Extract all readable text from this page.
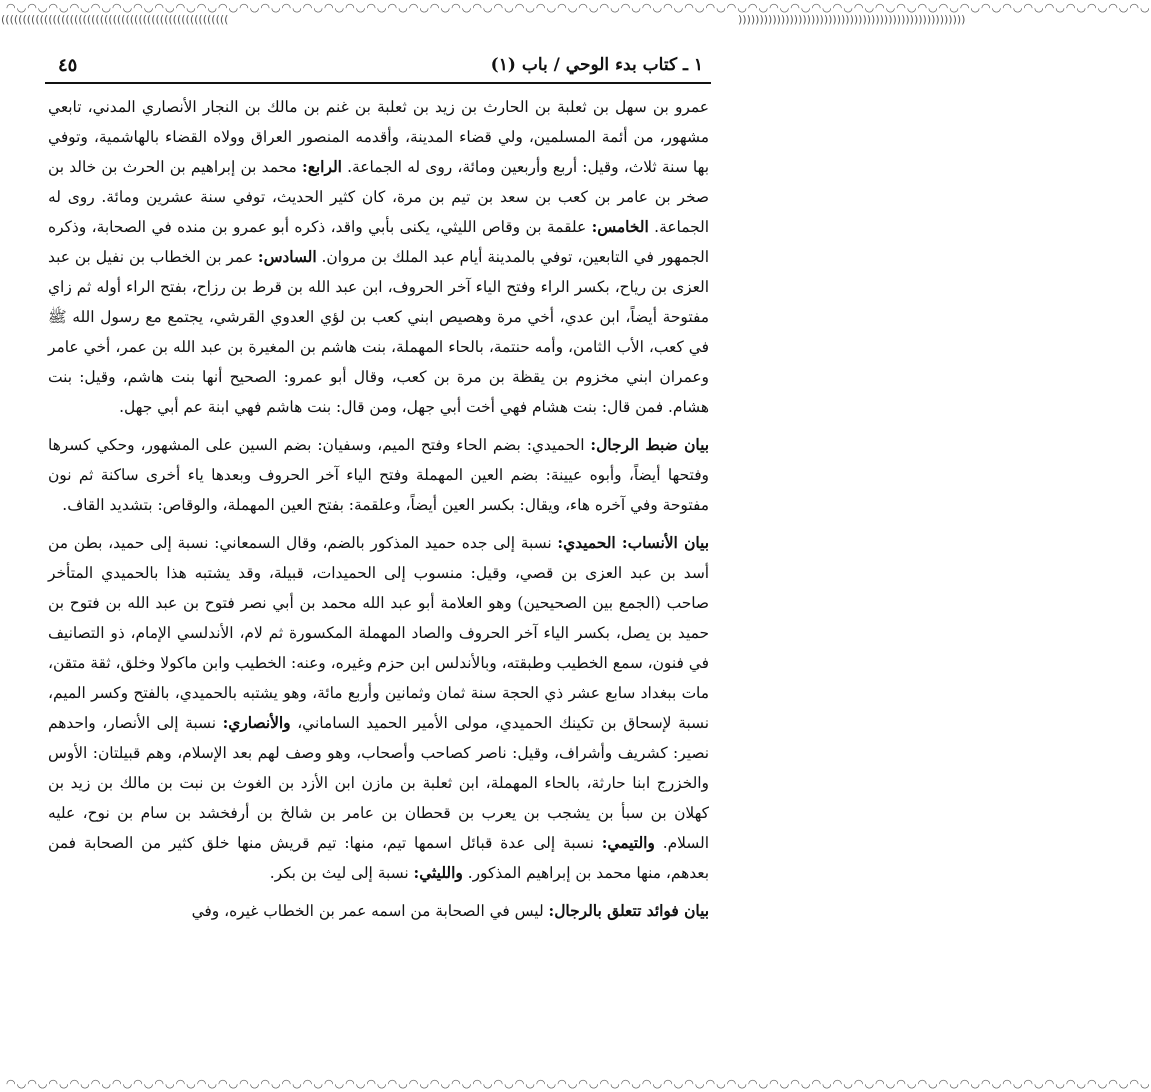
◠◡◠◡◠◡◠◡◠◡◠◡◠◡◠◡◠◡◠◡◠◡◠◡◠◡◠◡◠◡◠◡◠◡◠◡◠◡◠◡◠◡◠◡◠◡◠◡◠◡◠◡◠◡◠◡◠◡◠◡◠◡◠◡◠◡◠◡◠◡◠◡◠◡◠◡◠◡◠◡◠◡◠◡◠◡◠◡◠◡◠◡◠◡◠◡◠◡◠◡◠◡◠◡◠◡◠◡
◠◡◠◡◠◡◠◡◠◡◠◡◠◡◠◡◠◡◠◡◠◡◠◡◠◡◠◡◠◡◠◡◠◡◠◡◠◡◠◡◠◡◠◡◠◡◠◡◠◡◠◡◠◡◠◡◠◡◠◡◠◡◠◡◠◡◠◡◠◡◠◡◠◡◠◡◠◡◠◡◠◡◠◡◠◡◠◡◠◡◠◡◠◡◠◡◠◡◠◡◠◡◠◡◠◡◠◡
(((((((((((((((((((((((((((((((((((((((((((((((((((((	)))))))))))))))))))))))))))))))))))))))))))))))))))))
٤٥	١ ـ كتاب بدء الوحي / باب (١)

عمرو بن سهل بن ثعلبة بن الحارث بن زيد بن ثعلبة بن غنم بن مالك بن النجار الأنصاري المدني، تابعي مشهور، من أئمة المسلمين، ولي قضاء المدينة، وأقدمه المنصور العراق وولاه القضاء بالهاشمية، وتوفي بها سنة ثلاث، وقيل: أربع وأربعين ومائة، روى له الجماعة. الرابع: محمد بن إبراهيم بن الحرث بن خالد بن صخر بن عامر بن كعب بن سعد بن تيم بن مرة، كان كثير الحديث، توفي سنة عشرين ومائة. روى له الجماعة. الخامس: علقمة بن وقاص الليثي، يكنى بأبي واقد، ذكره أبو عمرو بن منده في الصحابة، وذكره الجمهور في التابعين، توفي بالمدينة أيام عبد الملك بن مروان. السادس: عمر بن الخطاب بن نفيل بن عبد العزى بن رياح، بكسر الراء وفتح الياء آخر الحروف، ابن عبد الله بن قرط بن رزاح، بفتح الراء أوله ثم زاي مفتوحة أيضاً، ابن عدي، أخي مرة وهصيص ابني كعب بن لؤي العدوي القرشي، يجتمع مع رسول الله ﷺ في كعب، الأب الثامن، وأمه حنتمة، بالحاء المهملة، بنت هاشم بن المغيرة بن عبد الله بن عمر، أخي عامر وعمران ابني مخزوم بن يقظة بن مرة بن كعب، وقال أبو عمرو: الصحيح أنها بنت هاشم، وقيل: بنت هشام. فمن قال: بنت هشام فهي أخت أبي جهل، ومن قال: بنت هاشم فهي ابنة عم أبي جهل.

بيان ضبط الرجال: الحميدي: بضم الحاء وفتح الميم، وسفيان: بضم السين على المشهور، وحكي كسرها وفتحها أيضاً، وأبوه عيينة: بضم العين المهملة وفتح الياء آخر الحروف وبعدها ياء أخرى ساكنة ثم نون مفتوحة وفي آخره هاء، ويقال: بكسر العين أيضاً، وعلقمة: بفتح العين المهملة، والوقاص: بتشديد القاف.

بيان الأنساب: الحميدي: نسبة إلى جده حميد المذكور بالضم، وقال السمعاني: نسبة إلى حميد، بطن من أسد بن عبد العزى بن قصي، وقيل: منسوب إلى الحميدات، قبيلة، وقد يشتبه هذا بالحميدي المتأخر صاحب (الجمع بين الصحيحين) وهو العلامة أبو عبد الله محمد بن أبي نصر فتوح بن عبد الله بن فتوح بن حميد بن يصل، بكسر الياء آخر الحروف والصاد المهملة المكسورة ثم لام، الأندلسي الإمام، ذو التصانيف في فنون، سمع الخطيب وطبقته، وبالأندلس ابن حزم وغيره، وعنه: الخطيب وابن ماكولا وخلق، ثقة متقن، مات ببغداد سابع عشر ذي الحجة سنة ثمان وثمانين وأربع مائة، وهو يشتبه بالحميدي، بالفتح وكسر الميم، نسبة لإسحاق بن تكينك الحميدي، مولى الأمير الحميد الساماني، والأنصاري: نسبة إلى الأنصار، واحدهم نصير: كشريف وأشراف، وقيل: ناصر كصاحب وأصحاب، وهو وصف لهم بعد الإسلام، وهم قبيلتان: الأوس والخزرج ابنا حارثة، بالحاء المهملة، ابن ثعلبة بن مازن ابن الأزد بن الغوث بن نبت بن مالك بن زيد بن كهلان بن سبأ بن يشجب بن يعرب بن قحطان بن عامر بن شالخ بن أرفخشد بن سام بن نوح، عليه السلام. والتيمي: نسبة إلى عدة قبائل اسمها تيم، منها: تيم قريش منها خلق كثير من الصحابة فمن بعدهم، منها محمد بن إبراهيم المذكور. والليثي: نسبة إلى ليث بن بكر.

بيان فوائد تتعلق بالرجال: ليس في الصحابة من اسمه عمر بن الخطاب غيره، وفي
